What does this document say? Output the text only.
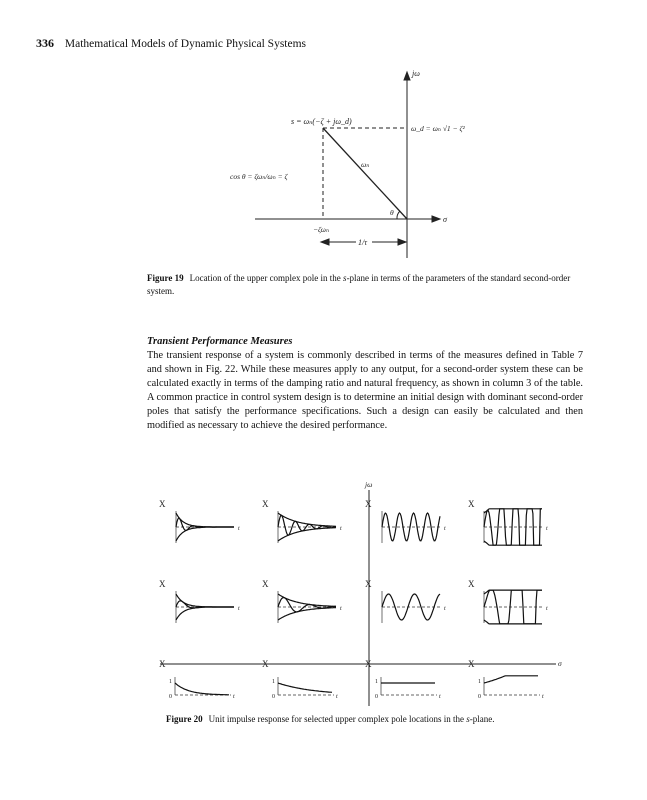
336 Mathematical Models of Dynamic Physical Systems
jω
s = ωₙ(−ζ + jω_d)
ω_d = ωₙ √1 − ζ²
ωₙ
cos θ = ζωₙ/ωₙ = ζ
θ
σ
−ζωₙ
1/τ
Figure 19 Location of the upper complex pole in the s-plane in terms of the parameters of the standard second-order system.
Transient Performance Measures
The transient response of a system is commonly described in terms of the measures defined in Table 7 and shown in Fig. 22. While these measures apply to any output, for a second-order system these can be calculated exactly in terms of the damping ratio and natural frequency, as shown in column 3 of the table. A common practice in control system design is to determine an initial design with dominant second-order poles that satisfy the performance specifications. Such a design can easily be calculated and then modified as necessary to achieve the desired performance.
jω
σ
X
t
X
t
X
t
X
t
X
t
X
t
X
t
X
t
X
1
0	t
X
1
0	t
X
1
0	t
X
1
0	t
Figure 20 Unit impulse response for selected upper complex pole locations in the s-plane.
